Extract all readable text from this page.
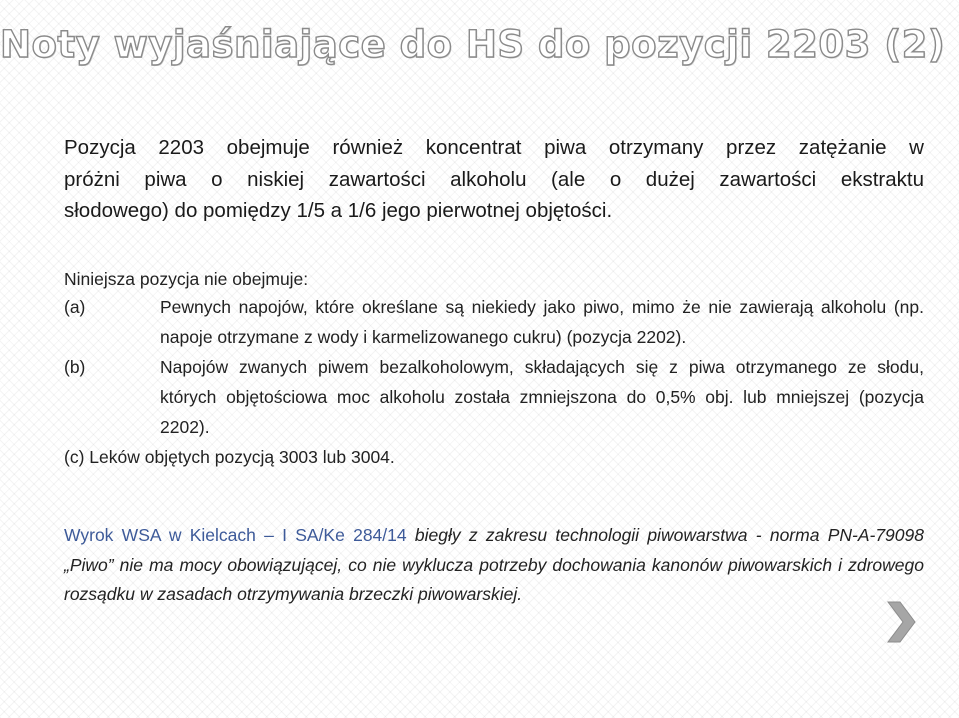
Noty wyjaśniające do HS do pozycji 2203 (2)
Pozycja 2203 obejmuje również koncentrat piwa otrzymany przez zatężanie w
próżni piwa o niskiej zawartości alkoholu (ale o dużej zawartości ekstraktu
słodowego) do pomiędzy 1/5 a 1/6 jego pierwotnej objętości.

Niniejsza pozycja nie obejmuje:

(a)	Pewnych napojów, które określane są niekiedy jako piwo, mimo że nie zawierają alkoholu (np. napoje otrzymane z wody i karmelizowanego cukru) (pozycja 2202).
(b)	Napojów zwanych piwem bezalkoholowym, składających się z piwa otrzymanego ze słodu, których objętościowa moc alkoholu została zmniejszona do 0,5% obj. lub mniejszej (pozycja 2202).
(c) Leków objętych pozycją 3003 lub 3004.

Wyrok WSA w Kielcach – I SA/Ke 284/14 biegły z zakresu technologii piwowarstwa - norma PN-A-79098 „Piwo” nie ma mocy obowiązującej, co nie wyklucza potrzeby dochowania kanonów piwowarskich i zdrowego rozsądku w zasadach otrzymywania brzeczki piwowarskiej.
